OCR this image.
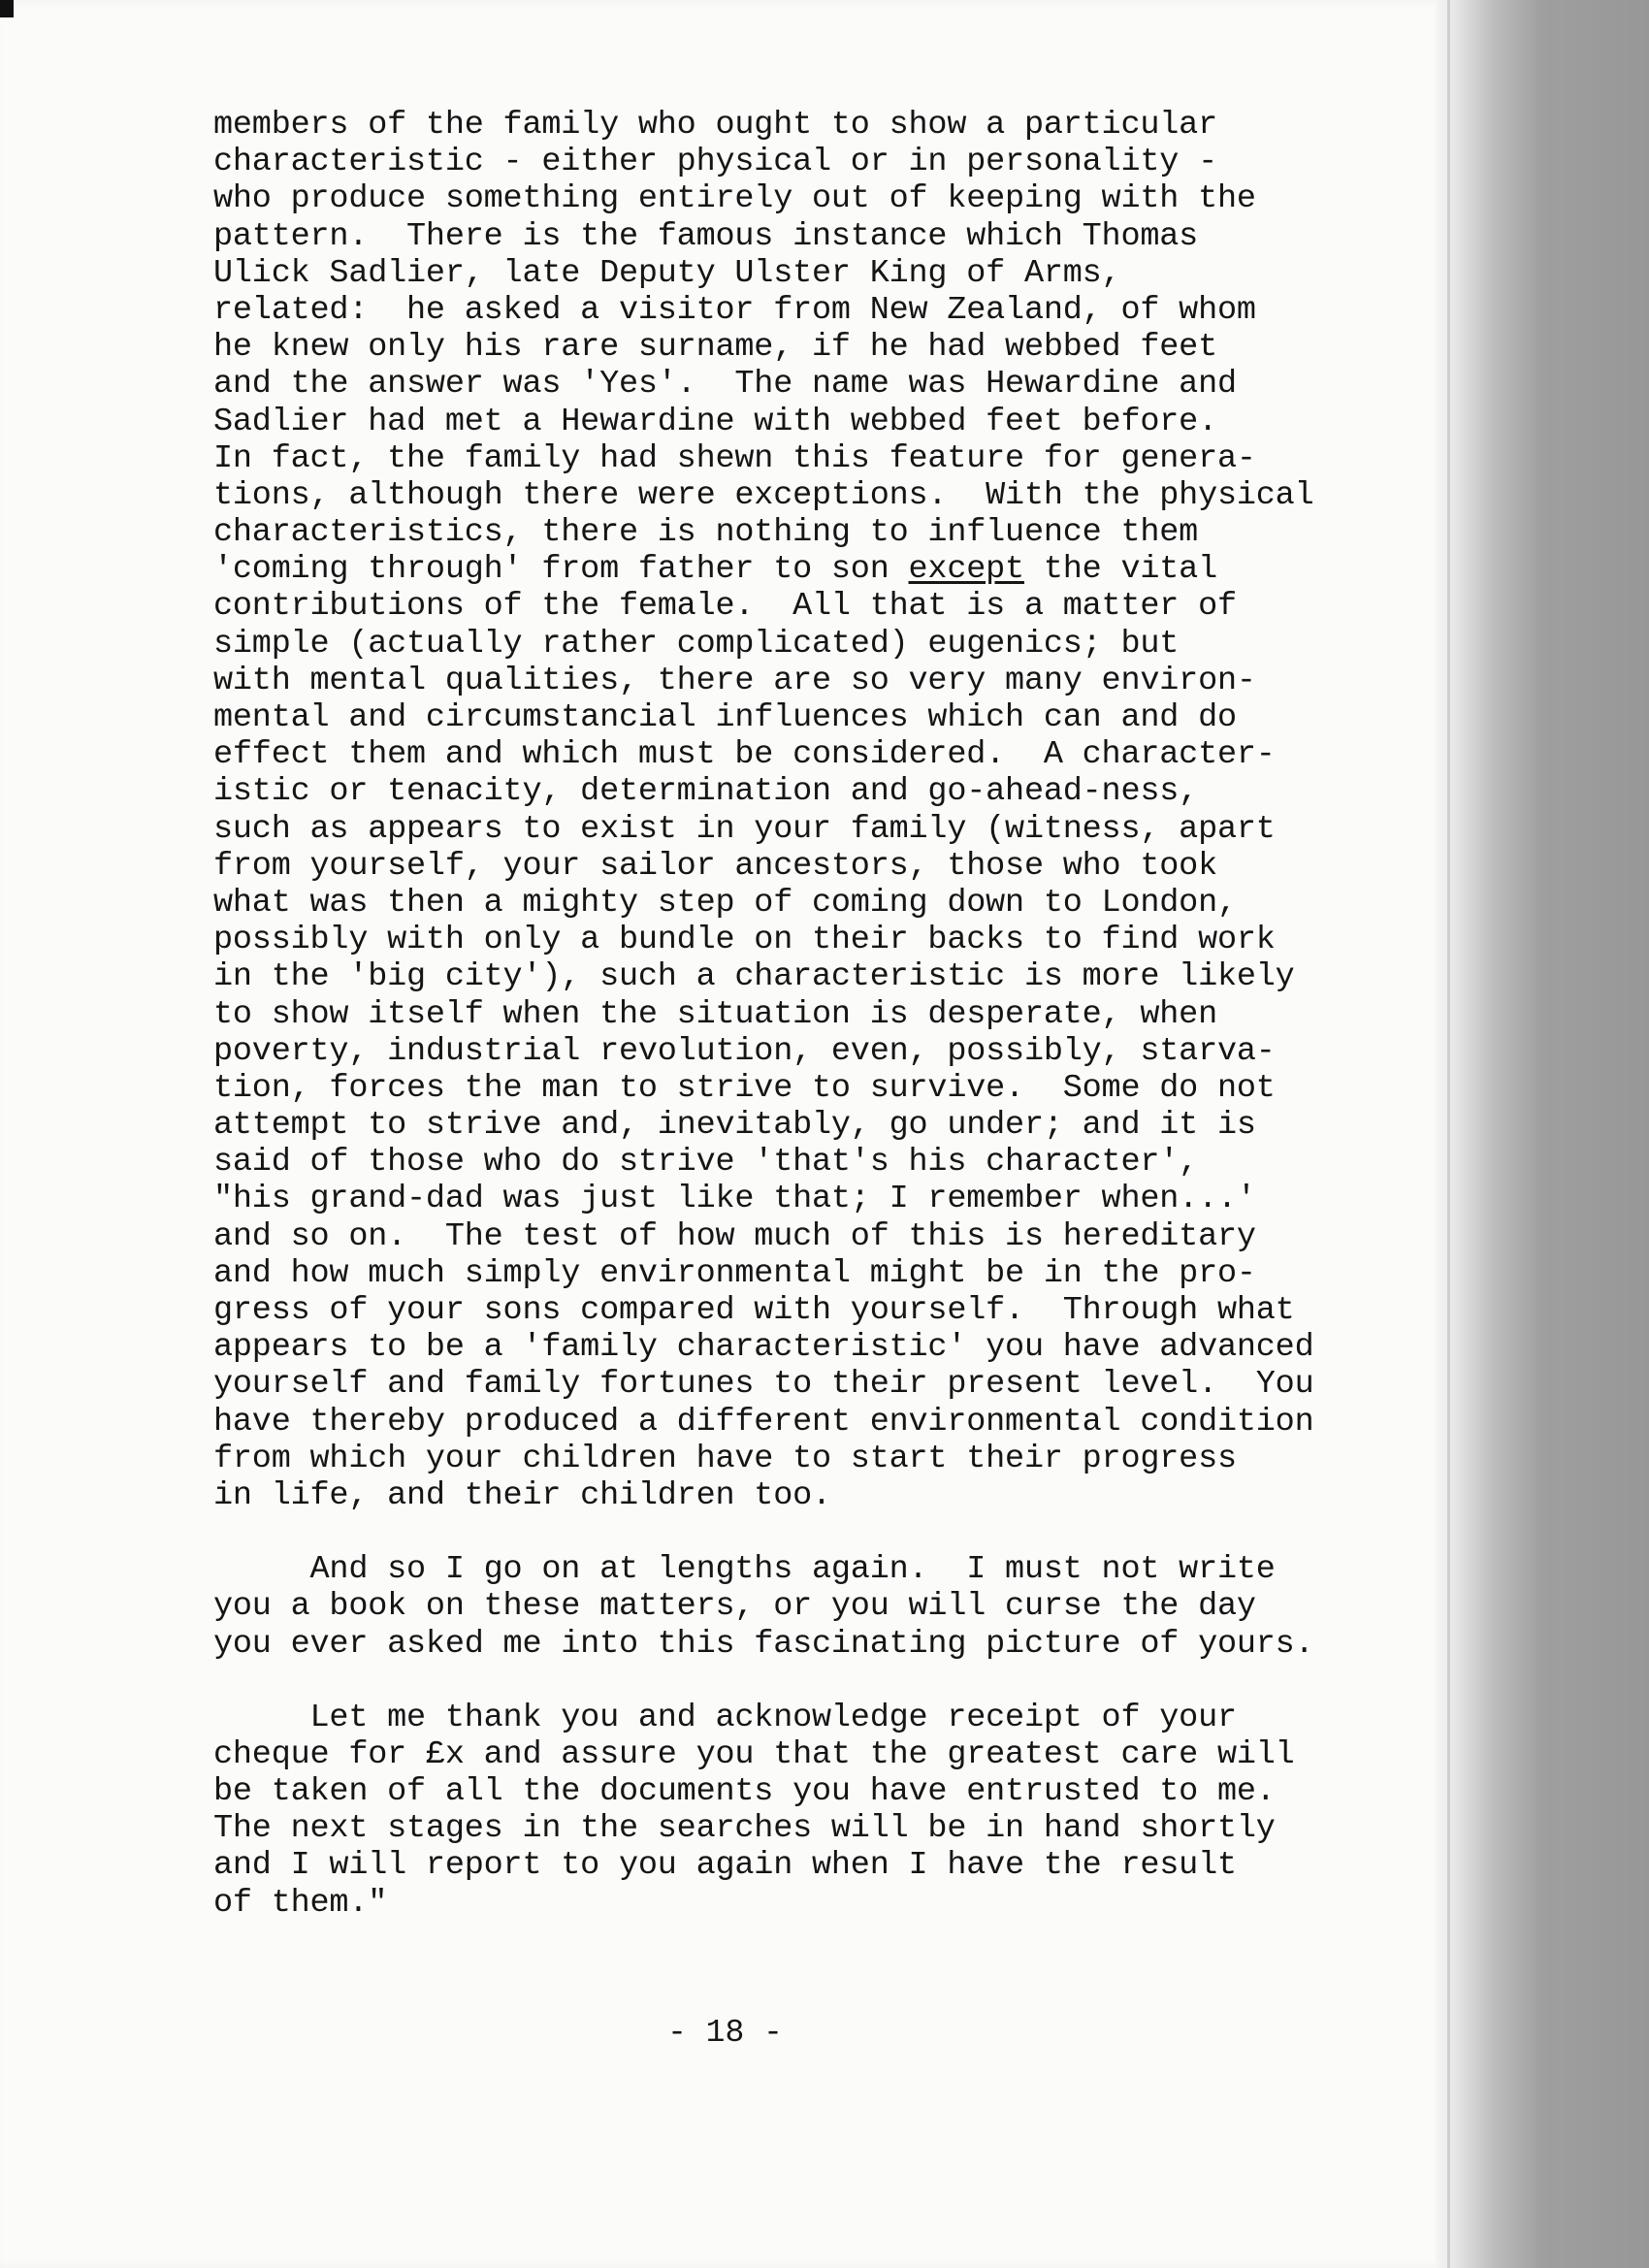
members of the family who ought to show a particular
characteristic - either physical or in personality -
who produce something entirely out of keeping with the
pattern.  There is the famous instance which Thomas
Ulick Sadlier, late Deputy Ulster King of Arms,
related:  he asked a visitor from New Zealand, of whom
he knew only his rare surname, if he had webbed feet
and the answer was 'Yes'.  The name was Hewardine and
Sadlier had met a Hewardine with webbed feet before.
In fact, the family had shewn this feature for genera-
tions, although there were exceptions.  With the physical
characteristics, there is nothing to influence them
'coming through' from father to son except the vital
contributions of the female.  All that is a matter of
simple (actually rather complicated) eugenics; but
with mental qualities, there are so very many environ-
mental and circumstancial influences which can and do
effect them and which must be considered.  A character-
istic or tenacity, determination and go-ahead-ness,
such as appears to exist in your family (witness, apart
from yourself, your sailor ancestors, those who took
what was then a mighty step of coming down to London,
possibly with only a bundle on their backs to find work
in the 'big city'), such a characteristic is more likely
to show itself when the situation is desperate, when
poverty, industrial revolution, even, possibly, starva-
tion, forces the man to strive to survive.  Some do not
attempt to strive and, inevitably, go under; and it is
said of those who do strive 'that's his character',
"his grand-dad was just like that; I remember when...'
and so on.  The test of how much of this is hereditary
and how much simply environmental might be in the pro-
gress of your sons compared with yourself.  Through what
appears to be a 'family characteristic' you have advanced
yourself and family fortunes to their present level.  You
have thereby produced a different environmental condition
from which your children have to start their progress
in life, and their children too.
And so I go on at lengths again.  I must not write
you a book on these matters, or you will curse the day
you ever asked me into this fascinating picture of yours.
Let me thank you and acknowledge receipt of your
cheque for £x and assure you that the greatest care will
be taken of all the documents you have entrusted to me.
The next stages in the searches will be in hand shortly
and I will report to you again when I have the result
of them."
- 18 -
